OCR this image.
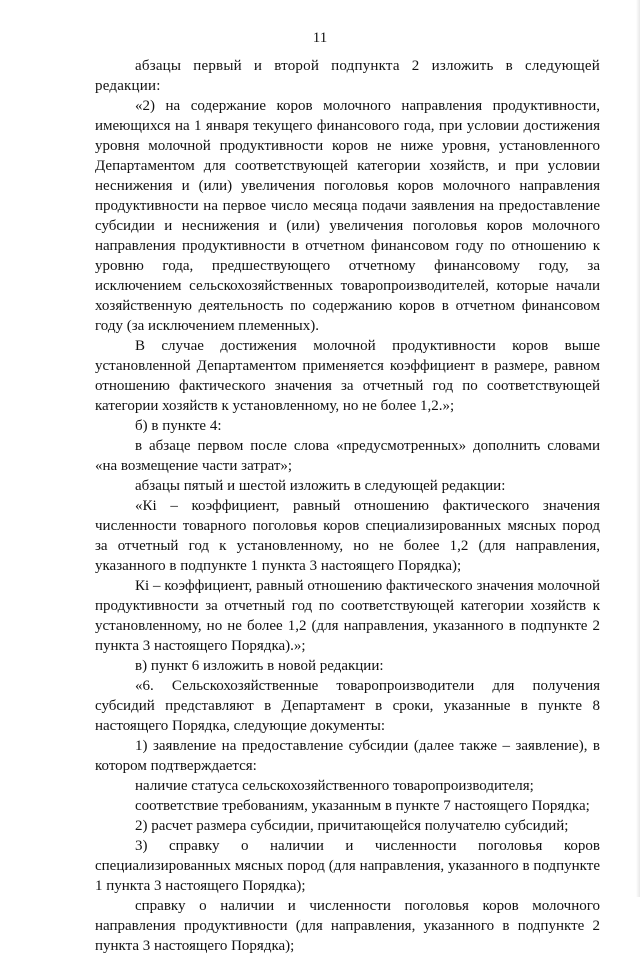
11

абзацы первый и второй подпункта 2 изложить в следующей редакции:

«2) на содержание коров молочного направления продуктивности, имеющихся на 1 января текущего финансового года, при условии достижения уровня молочной продуктивности коров не ниже уровня, установленного Департаментом для соответствующей категории хозяйств, и при условии неснижения и (или) увеличения поголовья коров молочного направления продуктивности на первое число месяца подачи заявления на предоставление субсидии и неснижения и (или) увеличения поголовья коров молочного направления продуктивности в отчетном финансовом году по отношению к уровню года, предшествующего отчетному финансовому году, за исключением сельскохозяйственных товаропроизводителей, которые начали хозяйственную деятельность по содержанию коров в отчетном финансовом году (за исключением племенных).

В случае достижения молочной продуктивности коров выше установленной Департаментом применяется коэффициент в размере, равном отношению фактического значения за отчетный год по соответствующей категории хозяйств к установленному, но не более 1,2.»;

б) в пункте 4:

в абзаце первом после слова «предусмотренных» дополнить словами «на возмещение части затрат»;

абзацы пятый и шестой изложить в следующей редакции:

«Кi – коэффициент, равный отношению фактического значения численности товарного поголовья коров специализированных мясных пород за отчетный год к установленному, но не более 1,2 (для направления, указанного в подпункте 1 пункта 3 настоящего Порядка);

Кi – коэффициент, равный отношению фактического значения молочной продуктивности за отчетный год по соответствующей категории хозяйств к установленному, но не более 1,2 (для направления, указанного в подпункте 2 пункта 3 настоящего Порядка).»;

в) пункт 6 изложить в новой редакции:

«6. Сельскохозяйственные товаропроизводители для получения субсидий представляют в Департамент в сроки, указанные в пункте 8 настоящего Порядка, следующие документы:

1) заявление на предоставление субсидии (далее также – заявление), в котором подтверждается:

наличие статуса сельскохозяйственного товаропроизводителя;

соответствие требованиям, указанным в пункте 7 настоящего Порядка;

2) расчет размера субсидии, причитающейся получателю субсидий;

3) справку о наличии и численности поголовья коров специализированных мясных пород (для направления, указанного в подпункте 1 пункта 3 настоящего Порядка);

справку о наличии и численности поголовья коров молочного направления продуктивности (для направления, указанного в подпункте 2 пункта 3 настоящего Порядка);
